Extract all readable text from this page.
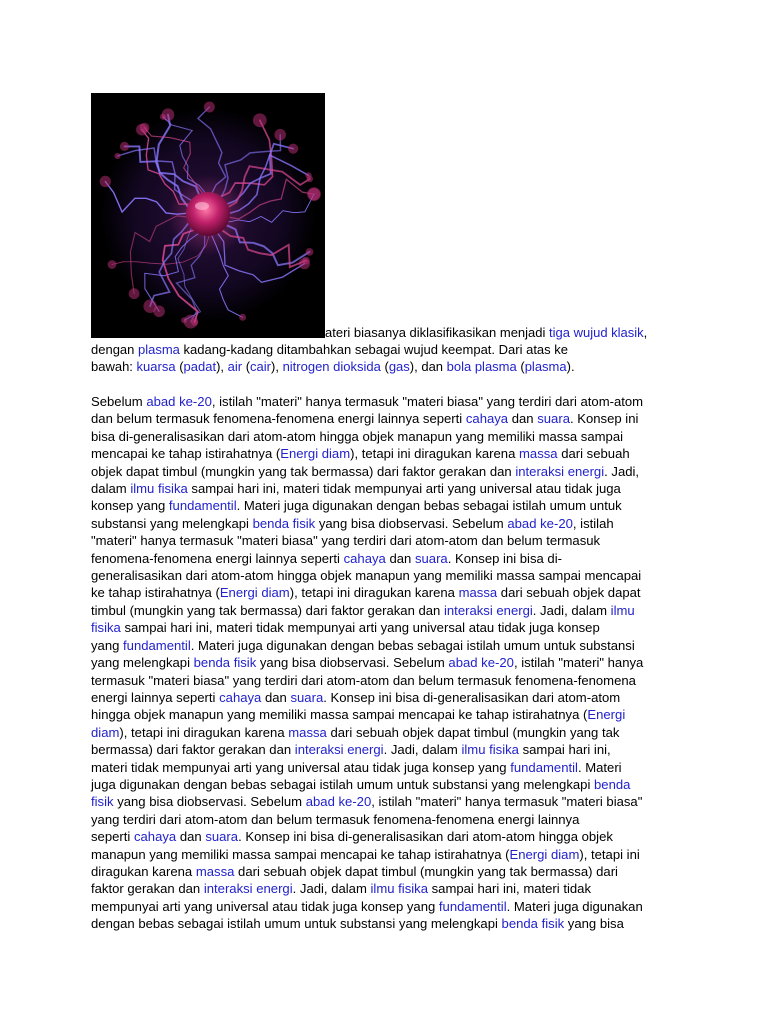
ateri biasanya diklasifikasikan menjadi tiga wujud klasik,

dengan plasma kadang-kadang ditambahkan sebagai wujud keempat. Dari atas ke
bawah: kuarsa (padat), air (cair), nitrogen dioksida (gas), dan bola plasma (plasma).

Sebelum abad ke-20, istilah "materi" hanya termasuk "materi biasa" yang terdiri dari atom-atom
dan belum termasuk fenomena-fenomena energi lainnya seperti cahaya dan suara. Konsep ini
bisa di-generalisasikan dari atom-atom hingga objek manapun yang memiliki massa sampai
mencapai ke tahap istirahatnya (Energi diam), tetapi ini diragukan karena massa dari sebuah
objek dapat timbul (mungkin yang tak bermassa) dari faktor gerakan dan interaksi energi. Jadi,
dalam ilmu fisika sampai hari ini, materi tidak mempunyai arti yang universal atau tidak juga
konsep yang fundamentil. Materi juga digunakan dengan bebas sebagai istilah umum untuk
substansi yang melengkapi benda fisik yang bisa diobservasi. Sebelum abad ke-20, istilah
"materi" hanya termasuk "materi biasa" yang terdiri dari atom-atom dan belum termasuk
fenomena-fenomena energi lainnya seperti cahaya dan suara. Konsep ini bisa di-
generalisasikan dari atom-atom hingga objek manapun yang memiliki massa sampai mencapai
ke tahap istirahatnya (Energi diam), tetapi ini diragukan karena massa dari sebuah objek dapat
timbul (mungkin yang tak bermassa) dari faktor gerakan dan interaksi energi. Jadi, dalam ilmu
fisika sampai hari ini, materi tidak mempunyai arti yang universal atau tidak juga konsep
yang fundamentil. Materi juga digunakan dengan bebas sebagai istilah umum untuk substansi
yang melengkapi benda fisik yang bisa diobservasi. Sebelum abad ke-20, istilah "materi" hanya
termasuk "materi biasa" yang terdiri dari atom-atom dan belum termasuk fenomena-fenomena
energi lainnya seperti cahaya dan suara. Konsep ini bisa di-generalisasikan dari atom-atom
hingga objek manapun yang memiliki massa sampai mencapai ke tahap istirahatnya (Energi
diam), tetapi ini diragukan karena massa dari sebuah objek dapat timbul (mungkin yang tak
bermassa) dari faktor gerakan dan interaksi energi. Jadi, dalam ilmu fisika sampai hari ini,
materi tidak mempunyai arti yang universal atau tidak juga konsep yang fundamentil. Materi
juga digunakan dengan bebas sebagai istilah umum untuk substansi yang melengkapi benda
fisik yang bisa diobservasi. Sebelum abad ke-20, istilah "materi" hanya termasuk "materi biasa"
yang terdiri dari atom-atom dan belum termasuk fenomena-fenomena energi lainnya
seperti cahaya dan suara. Konsep ini bisa di-generalisasikan dari atom-atom hingga objek
manapun yang memiliki massa sampai mencapai ke tahap istirahatnya (Energi diam), tetapi ini
diragukan karena massa dari sebuah objek dapat timbul (mungkin yang tak bermassa) dari
faktor gerakan dan interaksi energi. Jadi, dalam ilmu fisika sampai hari ini, materi tidak
mempunyai arti yang universal atau tidak juga konsep yang fundamentil. Materi juga digunakan
dengan bebas sebagai istilah umum untuk substansi yang melengkapi benda fisik yang bisa
